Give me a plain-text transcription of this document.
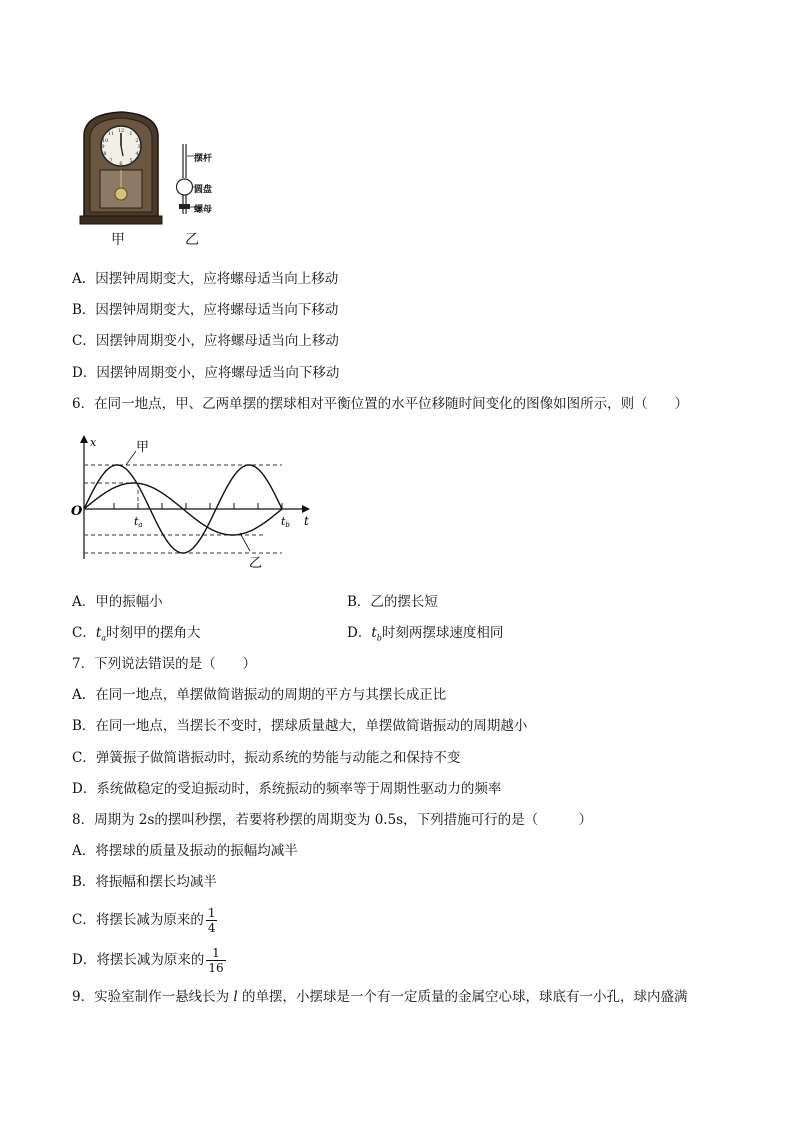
12 1
2
3
4
5
6
7
8
9
10
11
甲
摆杆
圆盘
螺母
乙
A．因摆钟周期变大，应将螺母适当向上移动
B．因摆钟周期变大，应将螺母适当向下移动
C．因摆钟周期变小，应将螺母适当向上移动
D．因摆钟周期变小，应将螺母适当向下移动
6．在同一地点，甲、乙两单摆的摆球相对平衡位置的水平位移随时间变化的图像如图所示，则（　　）
x
t
O
ta	tb
甲
乙
A．甲的振幅小	B．乙的摆长短
C．$t_a$时刻甲的摆角大	D．$t_b$时刻两摆球速度相同
7．下列说法错误的是（　　）
A．在同一地点，单摆做简谐振动的周期的平方与其摆长成正比
B．在同一地点，当摆长不变时，摆球质量越大，单摆做简谐振动的周期越小
C．弹簧振子做简谐振动时，振动系统的势能与动能之和保持不变
D．系统做稳定的受迫振动时，系统振动的频率等于周期性驱动力的频率
8．周期为 2s的摆叫秒摆，若要将秒摆的周期变为 0.5s，下列措施可行的是（　　　）
A．将摆球的质量及振动的振幅均减半
B．将振幅和摆长均减半
C．将摆长减为原来的 $\frac{1}{4}$
D．将摆长减为原来的 $\frac{1}{16}$
9．实验室制作一悬线长为 l 的单摆，小摆球是一个有一定质量的金属空心球，球底有一小孔，球内盛满
